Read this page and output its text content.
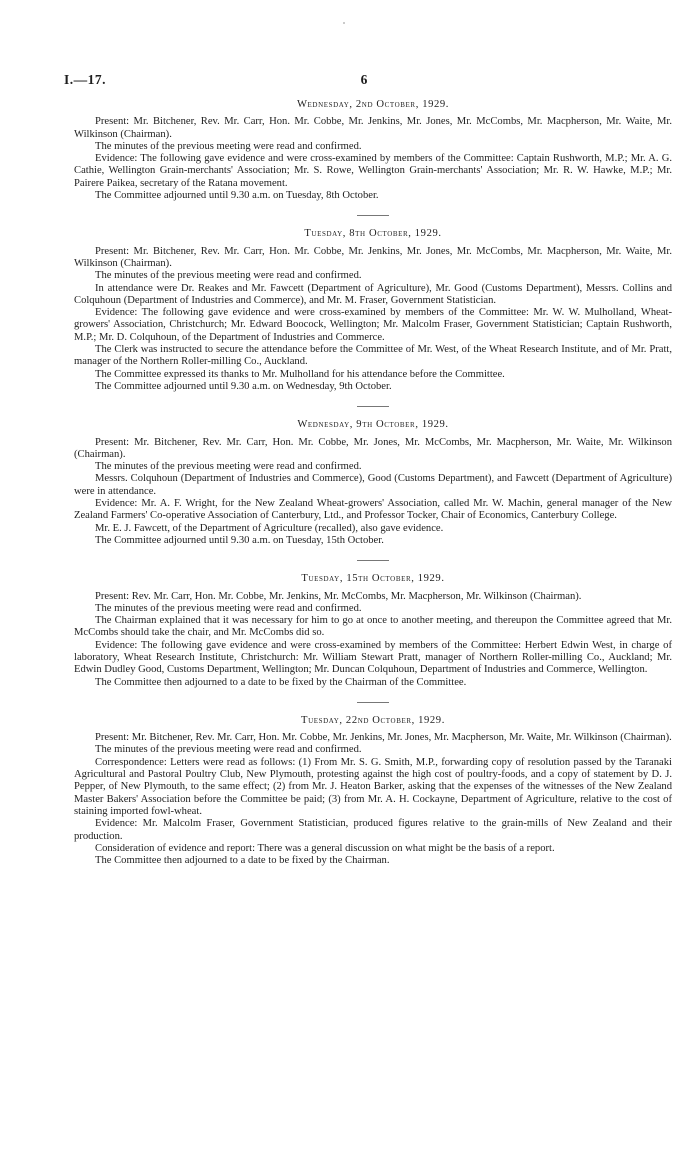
I.—17.	6

Wednesday, 2nd October, 1929.

Present: Mr. Bitchener, Rev. Mr. Carr, Hon. Mr. Cobbe, Mr. Jenkins, Mr. Jones, Mr. McCombs, Mr. Macpherson, Mr. Waite, Mr. Wilkinson (Chairman).

The minutes of the previous meeting were read and confirmed.

Evidence: The following gave evidence and were cross-examined by members of the Committee: Captain Rushworth, M.P.; Mr. A. G. Cathie, Wellington Grain-merchants' Association; Mr. S. Rowe, Wellington Grain-merchants' Association; Mr. R. W. Hawke, M.P.; Mr. Pairere Paikea, secretary of the Ratana movement.

The Committee adjourned until 9.30 a.m. on Tuesday, 8th October.

Tuesday, 8th October, 1929.

Present: Mr. Bitchener, Rev. Mr. Carr, Hon. Mr. Cobbe, Mr. Jenkins, Mr. Jones, Mr. McCombs, Mr. Macpherson, Mr. Waite, Mr. Wilkinson (Chairman).

The minutes of the previous meeting were read and confirmed.

In attendance were Dr. Reakes and Mr. Fawcett (Department of Agriculture), Mr. Good (Customs Department), Messrs. Collins and Colquhoun (Department of Industries and Commerce), and Mr. M. Fraser, Government Statistician.

Evidence: The following gave evidence and were cross-examined by members of the Committee: Mr. W. W. Mulholland, Wheat-growers' Association, Christchurch; Mr. Edward Boocock, Wellington; Mr. Malcolm Fraser, Government Statistician; Captain Rushworth, M.P.; Mr. D. Colquhoun, of the Department of Industries and Commerce.

The Clerk was instructed to secure the attendance before the Committee of Mr. West, of the Wheat Research Institute, and of Mr. Pratt, manager of the Northern Roller-milling Co., Auckland.

The Committee expressed its thanks to Mr. Mulholland for his attendance before the Committee.

The Committee adjourned until 9.30 a.m. on Wednesday, 9th October.

Wednesday, 9th October, 1929.

Present: Mr. Bitchener, Rev. Mr. Carr, Hon. Mr. Cobbe, Mr. Jones, Mr. McCombs, Mr. Macpherson, Mr. Waite, Mr. Wilkinson (Chairman).

The minutes of the previous meeting were read and confirmed.

Messrs. Colquhoun (Department of Industries and Commerce), Good (Customs Department), and Fawcett (Department of Agriculture) were in attendance.

Evidence: Mr. A. F. Wright, for the New Zealand Wheat-growers' Association, called Mr. W. Machin, general manager of the New Zealand Farmers' Co-operative Association of Canterbury, Ltd., and Professor Tocker, Chair of Economics, Canterbury College.

Mr. E. J. Fawcett, of the Department of Agriculture (recalled), also gave evidence.

The Committee adjourned until 9.30 a.m. on Tuesday, 15th October.

Tuesday, 15th October, 1929.

Present: Rev. Mr. Carr, Hon. Mr. Cobbe, Mr. Jenkins, Mr. McCombs, Mr. Macpherson, Mr. Wilkinson (Chairman).

The minutes of the previous meeting were read and confirmed.

The Chairman explained that it was necessary for him to go at once to another meeting, and thereupon the Committee agreed that Mr. McCombs should take the chair, and Mr. McCombs did so.

Evidence: The following gave evidence and were cross-examined by members of the Committee: Herbert Edwin West, in charge of laboratory, Wheat Research Institute, Christchurch: Mr. William Stewart Pratt, manager of Northern Roller-milling Co., Auckland; Mr. Edwin Dudley Good, Customs Department, Wellington; Mr. Duncan Colquhoun, Department of Industries and Commerce, Wellington.

The Committee then adjourned to a date to be fixed by the Chairman of the Committee.

Tuesday, 22nd October, 1929.

Present: Mr. Bitchener, Rev. Mr. Carr, Hon. Mr. Cobbe, Mr. Jenkins, Mr. Jones, Mr. Macpherson, Mr. Waite, Mr. Wilkinson (Chairman).

The minutes of the previous meeting were read and confirmed.

Correspondence: Letters were read as follows: (1) From Mr. S. G. Smith, M.P., forwarding copy of resolution passed by the Taranaki Agricultural and Pastoral Poultry Club, New Plymouth, protesting against the high cost of poultry-foods, and a copy of statement by D. J. Pepper, of New Plymouth, to the same effect; (2) from Mr. J. Heaton Barker, asking that the expenses of the witnesses of the New Zealand Master Bakers' Association before the Committee be paid; (3) from Mr. A. H. Cockayne, Department of Agriculture, relative to the cost of staining imported fowl-wheat.

Evidence: Mr. Malcolm Fraser, Government Statistician, produced figures relative to the grain-mills of New Zealand and their production.

Consideration of evidence and report: There was a general discussion on what might be the basis of a report.

The Committee then adjourned to a date to be fixed by the Chairman.
